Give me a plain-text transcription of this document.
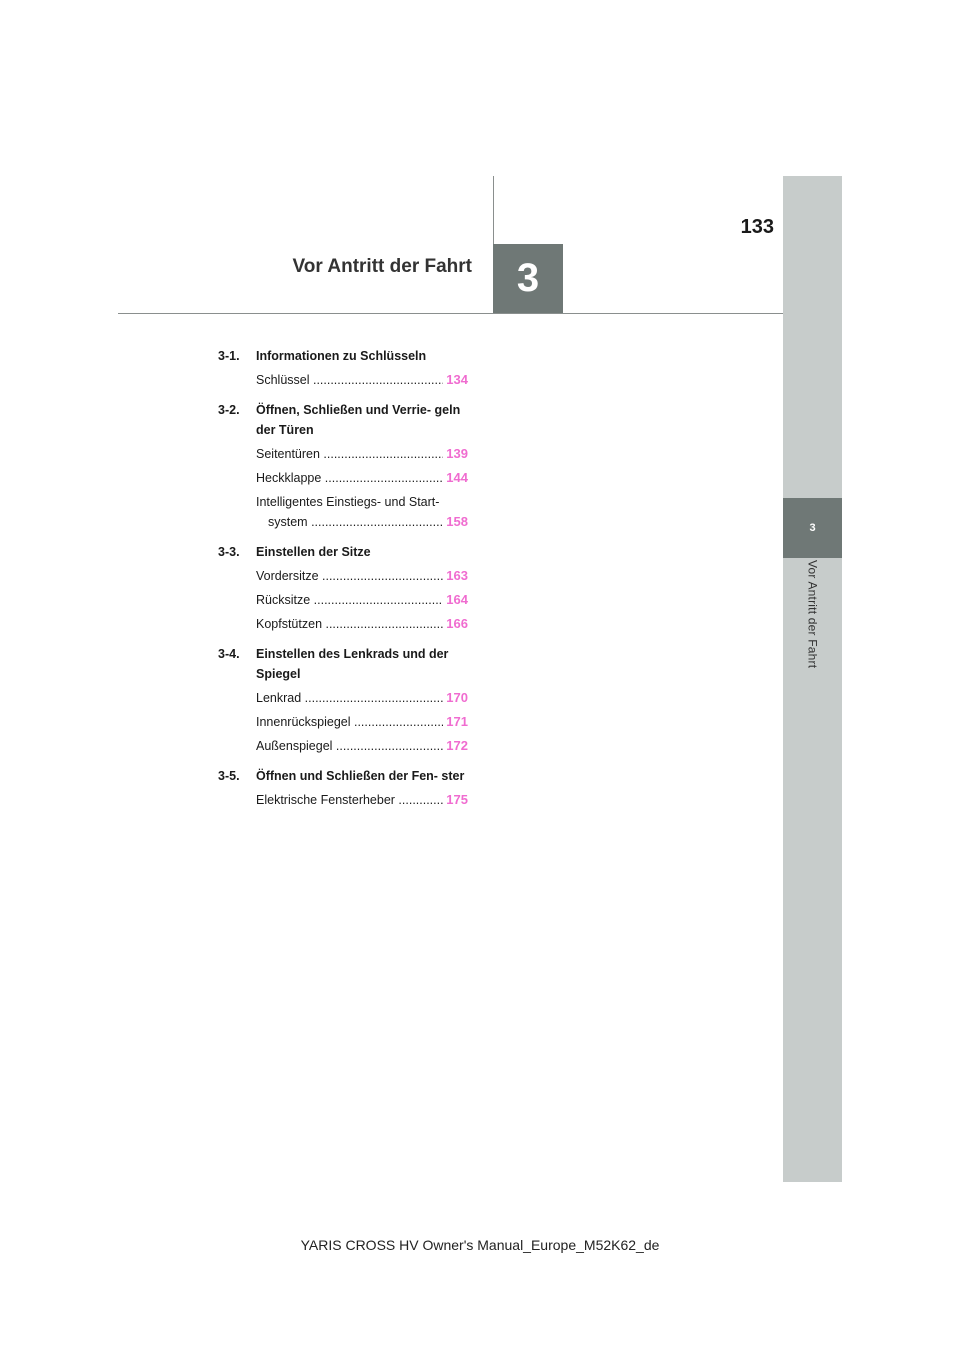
3
Vor Antritt der Fahrt
3
133
Vor Antritt der Fahrt
3-1.	Informationen zu Schlüsseln
Schlüssel .....	134
3-2.	Öffnen, Schließen und Verrie- geln der Türen
Seitentüren .....	139
Heckklappe .....	144
Intelligentes Einstiegs- und Start-
system .....	158
3-3.	Einstellen der Sitze
Vordersitze .....	163
Rücksitze .....	164
Kopfstützen .....	166
3-4.	Einstellen des Lenkrads und der Spiegel
Lenkrad .....	170
Innenrückspiegel .....	171
Außenspiegel .....	172
3-5.	Öffnen und Schließen der Fen- ster
Elektrische Fensterheber .....	175
YARIS CROSS HV Owner's Manual_Europe_M52K62_de
